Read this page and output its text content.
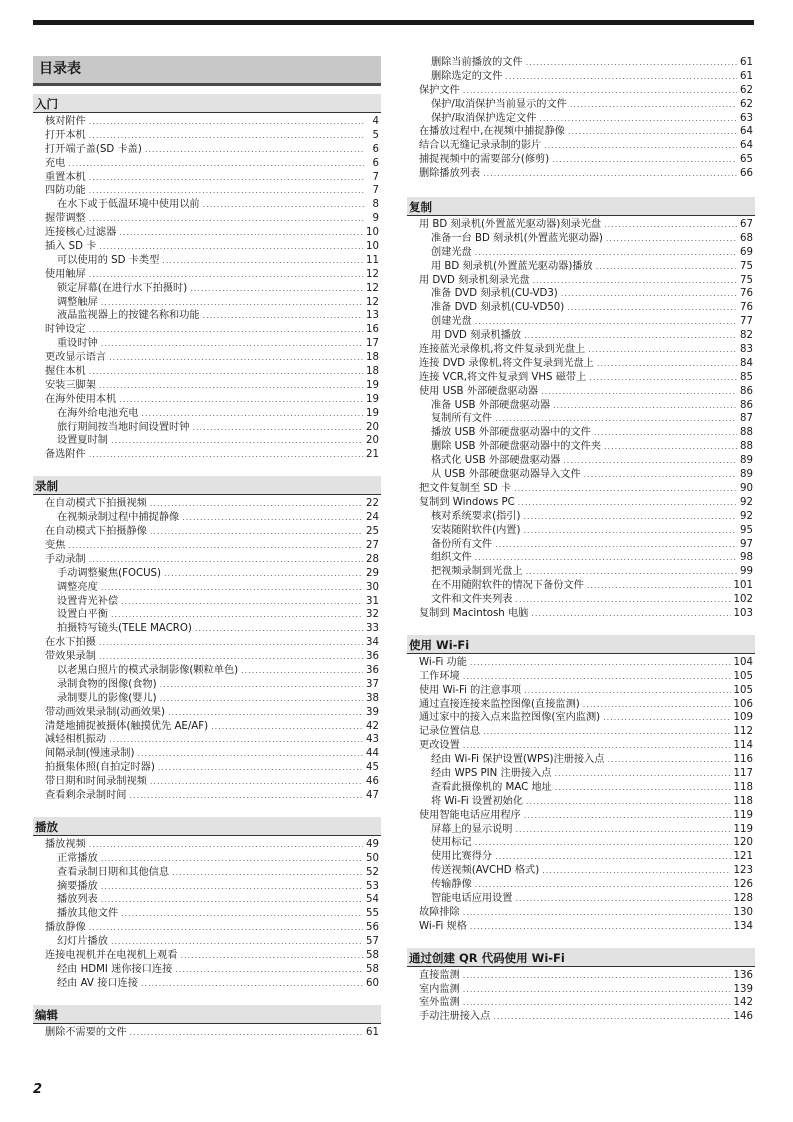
目录表
入门
核对附件 .....	4
打开本机 .....	5
打开端子盖(SD 卡盖) .....	6
充电 .....	6
重置本机 .....	7
四防功能 .....	7
在水下或于低温环境中使用以前 .....	8
握带调整 .....	9
连接核心过滤器 .....	10
插入 SD 卡 .....	10
可以使用的 SD 卡类型 .....	11
使用触屏 .....	12
锁定屏幕(在进行水下拍摄时) .....	12
调整触屏 .....	12
液晶监视器上的按键名称和功能 .....	13
时钟设定 .....	16
重设时钟 .....	17
更改显示语言 .....	18
握住本机 .....	18
安装三脚架 .....	19
在海外使用本机 .....	19
在海外给电池充电 .....	19
旅行期间按当地时间设置时钟 .....	20
设置夏时制 .....	20
备选附件 .....	21
录制
在自动模式下拍摄视频 .....	22
在视频录制过程中捕捉静像 .....	24
在自动模式下拍摄静像 .....	25
变焦 .....	27
手动录制 .....	28
手动调整聚焦(FOCUS) .....	29
调整亮度 .....	30
设置背光补偿 .....	31
设置白平衡 .....	32
拍摄特写镜头(TELE MACRO) .....	33
在水下拍摄 .....	34
带效果录制 .....	36
以老黑白照片的模式录制影像(颗粒单色) .....	36
录制食物的图像(食物) .....	37
录制婴儿的影像(婴儿) .....	38
带动画效果录制(动画效果) .....	39
清楚地捕捉被摄体(触摸优先 AE/AF) .....	42
减轻相机振动 .....	43
间隔录制(慢速录制) .....	44
拍摄集体照(自拍定时器) .....	45
带日期和时间录制视频 .....	46
查看剩余录制时间 .....	47
播放
播放视频 .....	49
正常播放 .....	50
查看录制日期和其他信息 .....	52
摘要播放 .....	53
播放列表 .....	54
播放其他文件 .....	55
播放静像 .....	56
幻灯片播放 .....	57
连接电视机并在电视机上观看 .....	58
经由 HDMI 迷你接口连接 .....	58
经由 AV 接口连接 .....	60
编辑
删除不需要的文件 .....	61
删除当前播放的文件 .....	61
删除选定的文件 .....	61
保护文件 .....	62
保护/取消保护当前显示的文件 .....	62
保护/取消保护选定文件 .....	63
在播放过程中,在视频中捕捉静像 .....	64
结合以无缝记录录制的影片 .....	64
捕捉视频中的需要部分(修剪) .....	65
删除播放列表 .....	66
复制
用 BD 刻录机(外置蓝光驱动器)刻录光盘 .....	67
准备一台 BD 刻录机(外置蓝光驱动器) .....	68
创建光盘 .....	69
用 BD 刻录机(外置蓝光驱动器)播放 .....	75
用 DVD 刻录机刻录光盘 .....	75
准备 DVD 刻录机(CU-VD3) .....	76
准备 DVD 刻录机(CU-VD50) .....	76
创建光盘 .....	77
用 DVD 刻录机播放 .....	82
连接蓝光录像机,将文件复录到光盘上 .....	83
连接 DVD 录像机,将文件复录到光盘上 .....	84
连接 VCR,将文件复录到 VHS 磁带上 .....	85
使用 USB 外部硬盘驱动器 .....	86
准备 USB 外部硬盘驱动器 .....	86
复制所有文件 .....	87
播放 USB 外部硬盘驱动器中的文件 .....	88
删除 USB 外部硬盘驱动器中的文件夹 .....	88
格式化 USB 外部硬盘驱动器 .....	89
从 USB 外部硬盘驱动器导入文件 .....	89
把文件复制至 SD 卡 .....	90
复制到 Windows PC .....	92
核对系统要求(指引) .....	92
安装随附软件(内置) .....	95
备份所有文件 .....	97
组织文件 .....	98
把视频录制到光盘上 .....	99
在不用随附软件的情况下备份文件 .....	101
文件和文件夹列表 .....	102
复制到 Macintosh 电脑 .....	103
使用 Wi-Fi
Wi-Fi 功能 .....	104
工作环境 .....	105
使用 Wi-Fi 的注意事项 .....	105
通过直接连接来监控图像(直接监测) .....	106
通过家中的接入点来监控图像(室内监测) .....	109
记录位置信息 .....	112
更改设置 .....	114
经由 Wi-Fi 保护设置(WPS)注册接入点 .....	116
经由 WPS PIN 注册接入点 .....	117
查看此摄像机的 MAC 地址 .....	118
将 Wi-Fi 设置初始化 .....	118
使用智能电话应用程序 .....	119
屏幕上的显示说明 .....	119
使用标记 .....	120
使用比赛得分 .....	121
传送视频(AVCHD 格式) .....	123
传输静像 .....	126
智能电话应用设置 .....	128
故障排除 .....	130
Wi-Fi 规格 .....	134
通过创建 QR 代码使用 Wi-Fi
直接监测 .....	136
室内监测 .....	139
室外监测 .....	142
手动注册接入点 .....	146
2
